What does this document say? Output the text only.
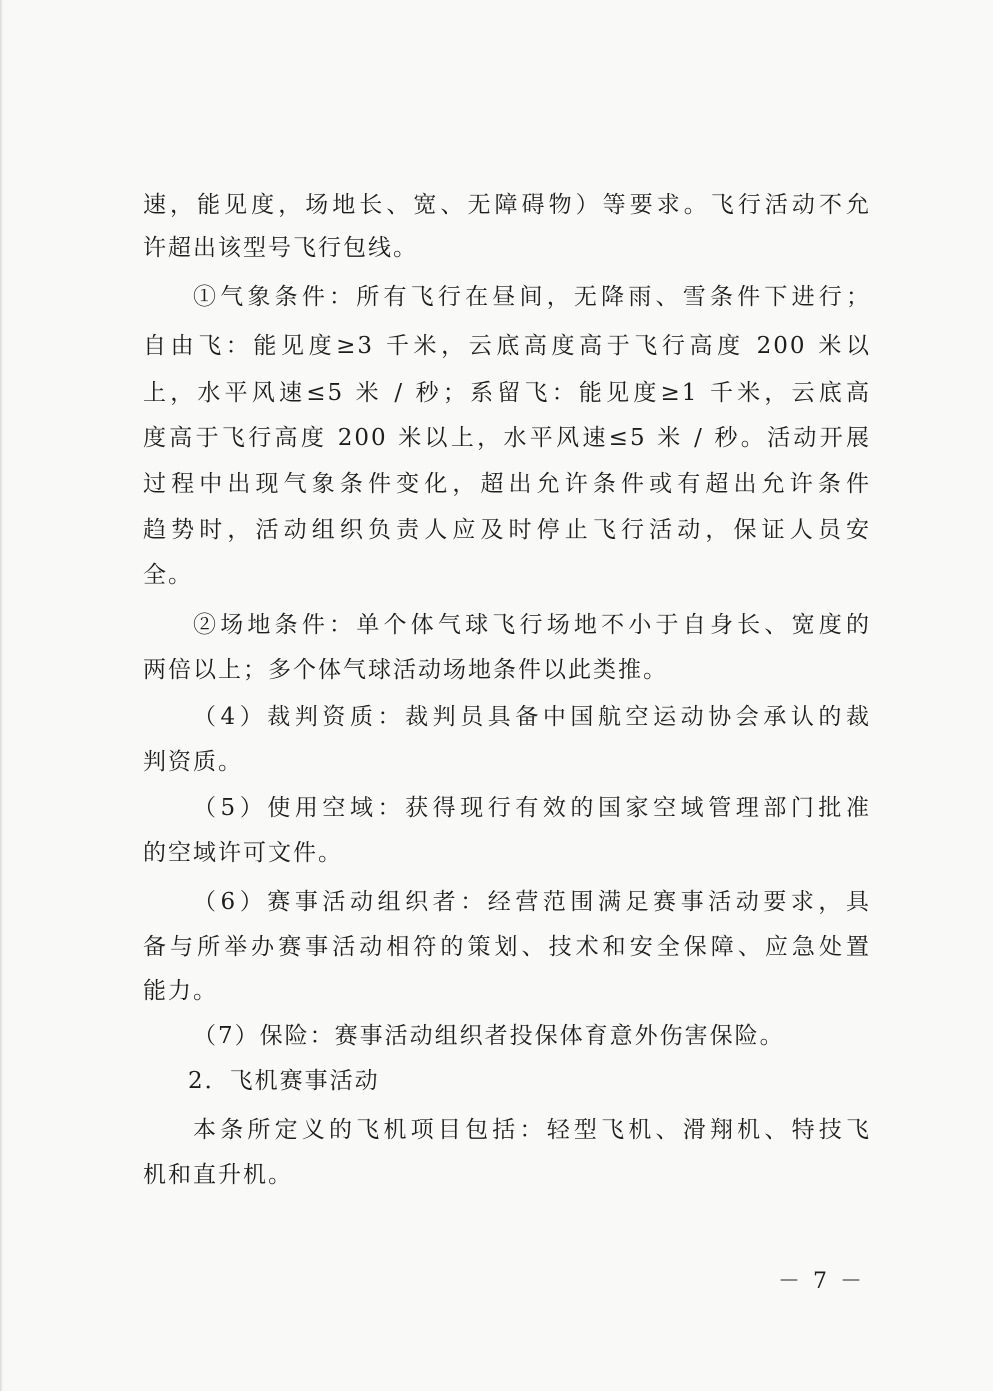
速，能见度，场地长、宽、无障碍物）等要求。飞行活动不允
许超出该型号飞行包线。
①气象条件：所有飞行在昼间，无降雨、雪条件下进行；
自由飞：能见度≥3 千米，云底高度高于飞行高度 200 米以
上，水平风速≤5 米 / 秒；系留飞：能见度≥1 千米，云底高
度高于飞行高度 200 米以上，水平风速≤5 米 / 秒。活动开展
过程中出现气象条件变化，超出允许条件或有超出允许条件
趋势时，活动组织负责人应及时停止飞行活动，保证人员安
全。
②场地条件：单个体气球飞行场地不小于自身长、宽度的
两倍以上；多个体气球活动场地条件以此类推。
（4）裁判资质：裁判员具备中国航空运动协会承认的裁
判资质。
（5）使用空域：获得现行有效的国家空域管理部门批准
的空域许可文件。
（6）赛事活动组织者：经营范围满足赛事活动要求，具
备与所举办赛事活动相符的策划、技术和安全保障、应急处置
能力。
（7）保险：赛事活动组织者投保体育意外伤害保险。
2．飞机赛事活动
本条所定义的飞机项目包括：轻型飞机、滑翔机、特技飞
机和直升机。
－ 7 －
